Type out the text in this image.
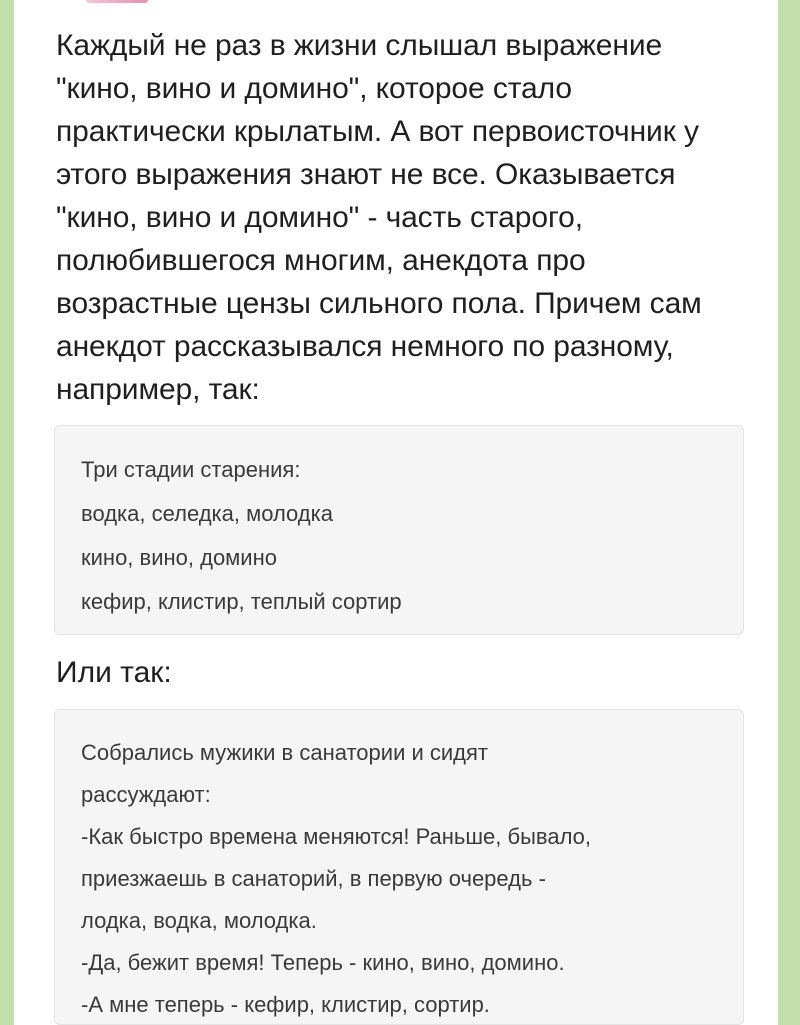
Каждый не раз в жизни слышал выражение
"кино, вино и домино", которое стало
практически крылатым. А вот первоисточник у
этого выражения знают не все. Оказывается
"кино, вино и домино" - часть старого,
полюбившегося многим, анекдота про
возрастные цензы сильного пола. Причем сам
анекдот рассказывался немного по разному,
например, так:

Три стадии старения:
водка, селедка, молодка
кино, вино, домино
кефир, клистир, теплый сортир

Или так:

Собрались мужики в санатории и сидят
рассуждают:
-Как быстро времена меняются! Раньше, бывало,
приезжаешь в санаторий, в первую очередь -
лодка, водка, молодка.
-Да, бежит время! Теперь - кино, вино, домино.
-А мне теперь - кефир, клистир, сортир.
